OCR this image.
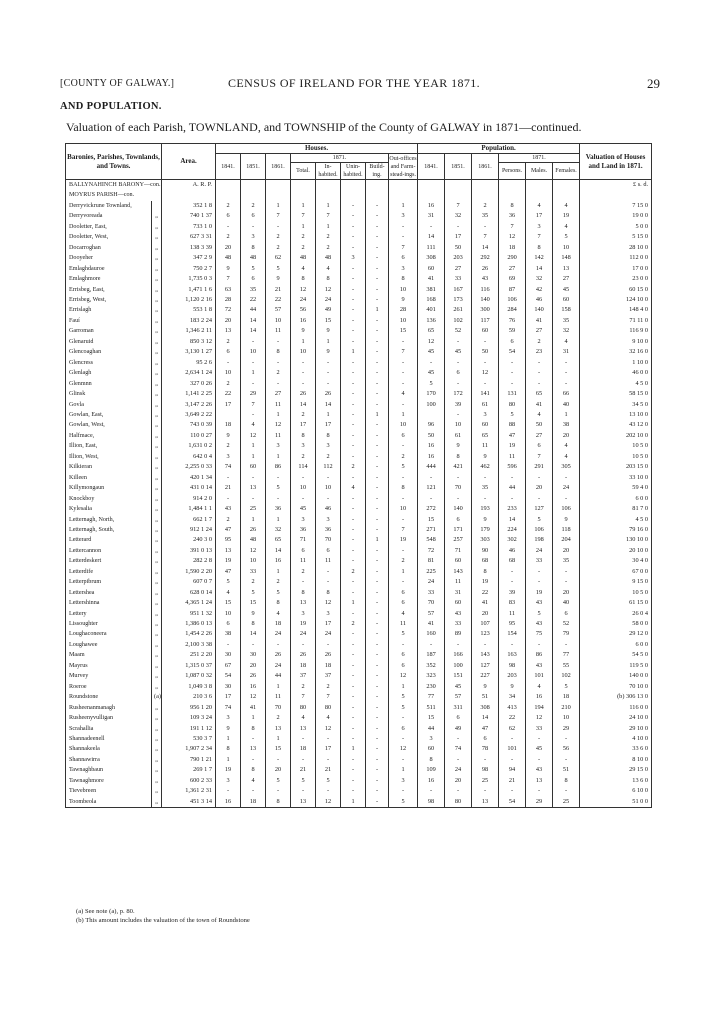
[COUNTY OF GALWAY.]	CENSUS OF IRELAND FOR THE YEAR 1871.	29
AND POPULATION.
Valuation of each Parish, TOWNLAND, and TOWNSHIP of the County of GALWAY in 1871—continued.
Baronies, Parishes, Townlands, and Towns.		Area.	Houses.								Population.						Valuation of Houses and Land in 1871.
			1841.	1851.	1861.	1871.				Out-offices and Farm-stead-ings.	1841.	1851.	1861.	1871.			
						Total.	In-habited.	Unin-habited.	Build-ing.					Persons.	Males.	Females.	
BALLYNAHINCH BARONY—con.		A. R. P.															£ s. d.
MOYRUS PARISH—con.																	
Derryvickrune Townland,		352 1 8	2	2	1	1	1	-	-	1	16	7	2	8	4	4	7 15 0
Derryvoreada	„	740 1 37	6	6	7	7	7	-	-	3	31	32	35	36	17	19	19 0 0
Dooletter, East,	„	733 1 0	-	-	-	1	1	-	-	-	-	-	-	7	3	4	5 0 0
Dooletter, West,	„	627 3 31	2	3	2	2	2	-	-	-	14	17	7	12	7	5	5 15 0
Docarroghan	„	138 3 39	20	8	2	2	2	-	-	7	111	50	14	18	8	10	28 10 0
Dooyeher	„	347 2 9	48	48	62	48	48	3	-	6	308	203	292	290	142	148	112 0 0
Emlaghdauroe	„	750 2 7	9	5	5	4	4	-	-	3	60	27	26	27	14	13	17 0 0
Emlaghmore	„	1,735 0 3	7	6	9	8	8	-	-	8	41	33	43	69	32	27	23 0 0
Errisbeg, East,	„	1,471 1 6	63	35	21	12	12	-	-	10	381	167	116	87	42	45	60 15 0
Errisbeg, West,	„	1,120 2 16	28	22	22	24	24	-	-	9	168	173	140	106	46	60	124 10 0
Errislagh	„	553 1 8	72	44	57	56	49	-	1	28	401	261	300	284	140	158	148 4 0
Fauí	„	183 2 24	20	14	10	16	15	-	-	10	136	102	117	76	41	35	71 11 0
Garroman	„	1,346 2 11	13	14	11	9	9	-	-	15	65	52	60	59	27	32	116 9 0
Glenaruid	„	850 3 12	2	-	-	1	1	-	-	-	12	-	-	6	2	4	9 10 0
Glencoaghan	„	3,130 1 27	6	10	8	10	9	1	-	7	45	45	50	54	23	31	32 16 0
Glencress	„	95 2 6	-	-	-	-	-	-	-	-	-	-	-	-	-	-	1 10 0
Glenlagh	„	2,634 1 24	10	1	2	-	-	-	-	-	45	6	12	-	-	-	46 0 0
Glenmnn	„	327 0 26	2	-	-	-	-	-	-	-	5	-	-	-	-	-	4 5 0
Glinsk	„	1,141 2 25	22	29	27	26	26	-	-	4	170	172	141	131	65	66	58 15 0
Govla	„	3,147 2 26	17	7	11	14	14	-	-	-	100	39	61	80	41	40	34 5 0
Gowlan, East,	„	3,649 2 22		-	1	2	1	-	1	1		-	3	5	4	1	13 10 0
Gowlan, West,	„	743 0 39	18	4	12	17	17	-	-	10	96	10	60	88	50	38	43 12 0
Halfmace,	„	110 0 27	9	12	11	8	8	-	-	6	50	61	65	47	27	20	202 10 0
Illion, East,	„	1,631 0 2	2	1	3	3	3	-	-	-	16	9	11	19	6	4	10 5 0
Illion, West,	„	642 0 4	3	1	1	2	2	-	-	2	16	8	9	11	7	4	10 5 0
Kilkieran	„	2,255 0 33	74	60	86	114	112	2	-	5	444	421	462	596	291	305	203 15 0
Killeen	„	420 1 34	-	-	-	-	-	-	-	-	-	-	-	-	-	-	33 10 0
Killymongaun	„	431 0 14	21	13	5	10	10	4	-	8	121	70	35	44	20	24	59 4 0
Knockboy	„	914 2 0	-	-	-	-	-	-	-	-	-	-	-	-	-	-	6 0 0
Kylesalia	„	1,484 1 1	43	25	36	45	46	-	-	10	272	140	193	233	127	106	81 7 0
Letternagh, North,	„	662 1 7	2	1	1	3	3	-	-	-	15	6	9	14	5	9	4 5 0
Letternagh, South,	„	912 1 24	47	26	32	36	36	-	-	7	271	171	179	224	106	118	79 16 0
Letterard	„	240 3 0	95	48	65	71	70	-	1	19	548	257	303	302	198	204	130 10 0
Lettercannon	„	391 0 13	13	12	14	6	6	-	-	-	72	71	90	46	24	20	20 10 0
Letterdeskert	„	282 2 8	19	10	16	11	11	-	-	2	81	60	68	68	33	35	30 4 0
Letterdife	„	1,590 2 20	47	33	1	2	-	2	-	1	225	143	8	-	-	-	67 0 0
Letterpibrum	„	607 0 7	5	2	2	-	-	-	-	-	24	11	19	-	-	-	9 15 0
Lettershea	„	628 0 14	4	5	5	8	8	-	-	6	33	31	22	39	19	20	10 5 0
Lettershinna	„	4,365 1 24	15	15	8	13	12	1	-	6	70	60	41	83	43	40	61 15 0
Lettery	„	951 1 32	10	9	4	3	3	-	-	4	57	43	20	11	5	6	26 0 4
Lissoughter	„	1,386 0 13	6	8	18	19	17	2	-	11	41	33	107	95	43	52	58 0 0
Loughaconeera	„	1,454 2 26	38	14	24	24	24	-	-	5	160	89	123	154	75	79	29 12 0
Loughawee	„	2,100 3 38	-	-	-	-	-	-	-	-	-	-	-	-	-	-	6 0 0
Maam	„	251 2 20	30	30	26	26	26	-	-	6	187	166	143	163	86	77	54 5 0
Mayrus	„	1,315 0 37	67	20	24	18	18	-	-	6	352	100	127	98	43	55	119 5 0
Murvey	„	1,087 0 32	54	26	44	37	37	-	-	12	323	151	227	203	101	102	140 0 0
Roeroe	„	1,049 3 8	30	16	1	2	2	-	-	1	230	45	9	9	4	5	70 10 0
Roundstone	(a)	210 3 6	17	12	11	7	7	-	-	5	77	57	51	34	16	18	(b) 306 13 0
Rusheenanmanagh	„	956 1 20	74	41	70	80	80	-	-	5	511	311	308	413	194	210	116 0 0
Rusheenyvulligan	„	109 3 24	3	1	2	4	4	-	-	-	15	6	14	22	12	10	24 10 0
Scrahallia	„	191 1 12	9	8	13	13	12	-	-	6	44	49	47	62	33	29	29 10 0
Shannadeenell	„	530 3 7	1	-	1	-	-	-	-	-	3	-	6	-	-	-	4 10 0
Shannakeela	„	1,907 2 34	8	13	15	18	17	1	-	12	60	74	78	101	45	56	33 6 0
Shannawirra	„	790 1 21	1	-	-	-	-	-	-	-	8	-	-	-	-	-	8 10 0
Tawnaghbaun	„	269 1 7	19	8	20	21	21	-	-	1	109	24	98	94	43	51	29 15 0
Tawnaghmore	„	600 2 33	3	4	5	5	5	-	-	3	16	20	25	21	13	8	13 6 0
Tievebreen	„	1,361 2 31	-	-	-	-	-	-	-	-	-	-	-	-	-	-	6 10 0
Toombeola	„	451 3 14	16	18	8	13	12	1	-	5	98	80	13	54	29	25	51 0 0
(a) See note (a), p. 80.
(b) This amount includes the valuation of the town of Roundstone
